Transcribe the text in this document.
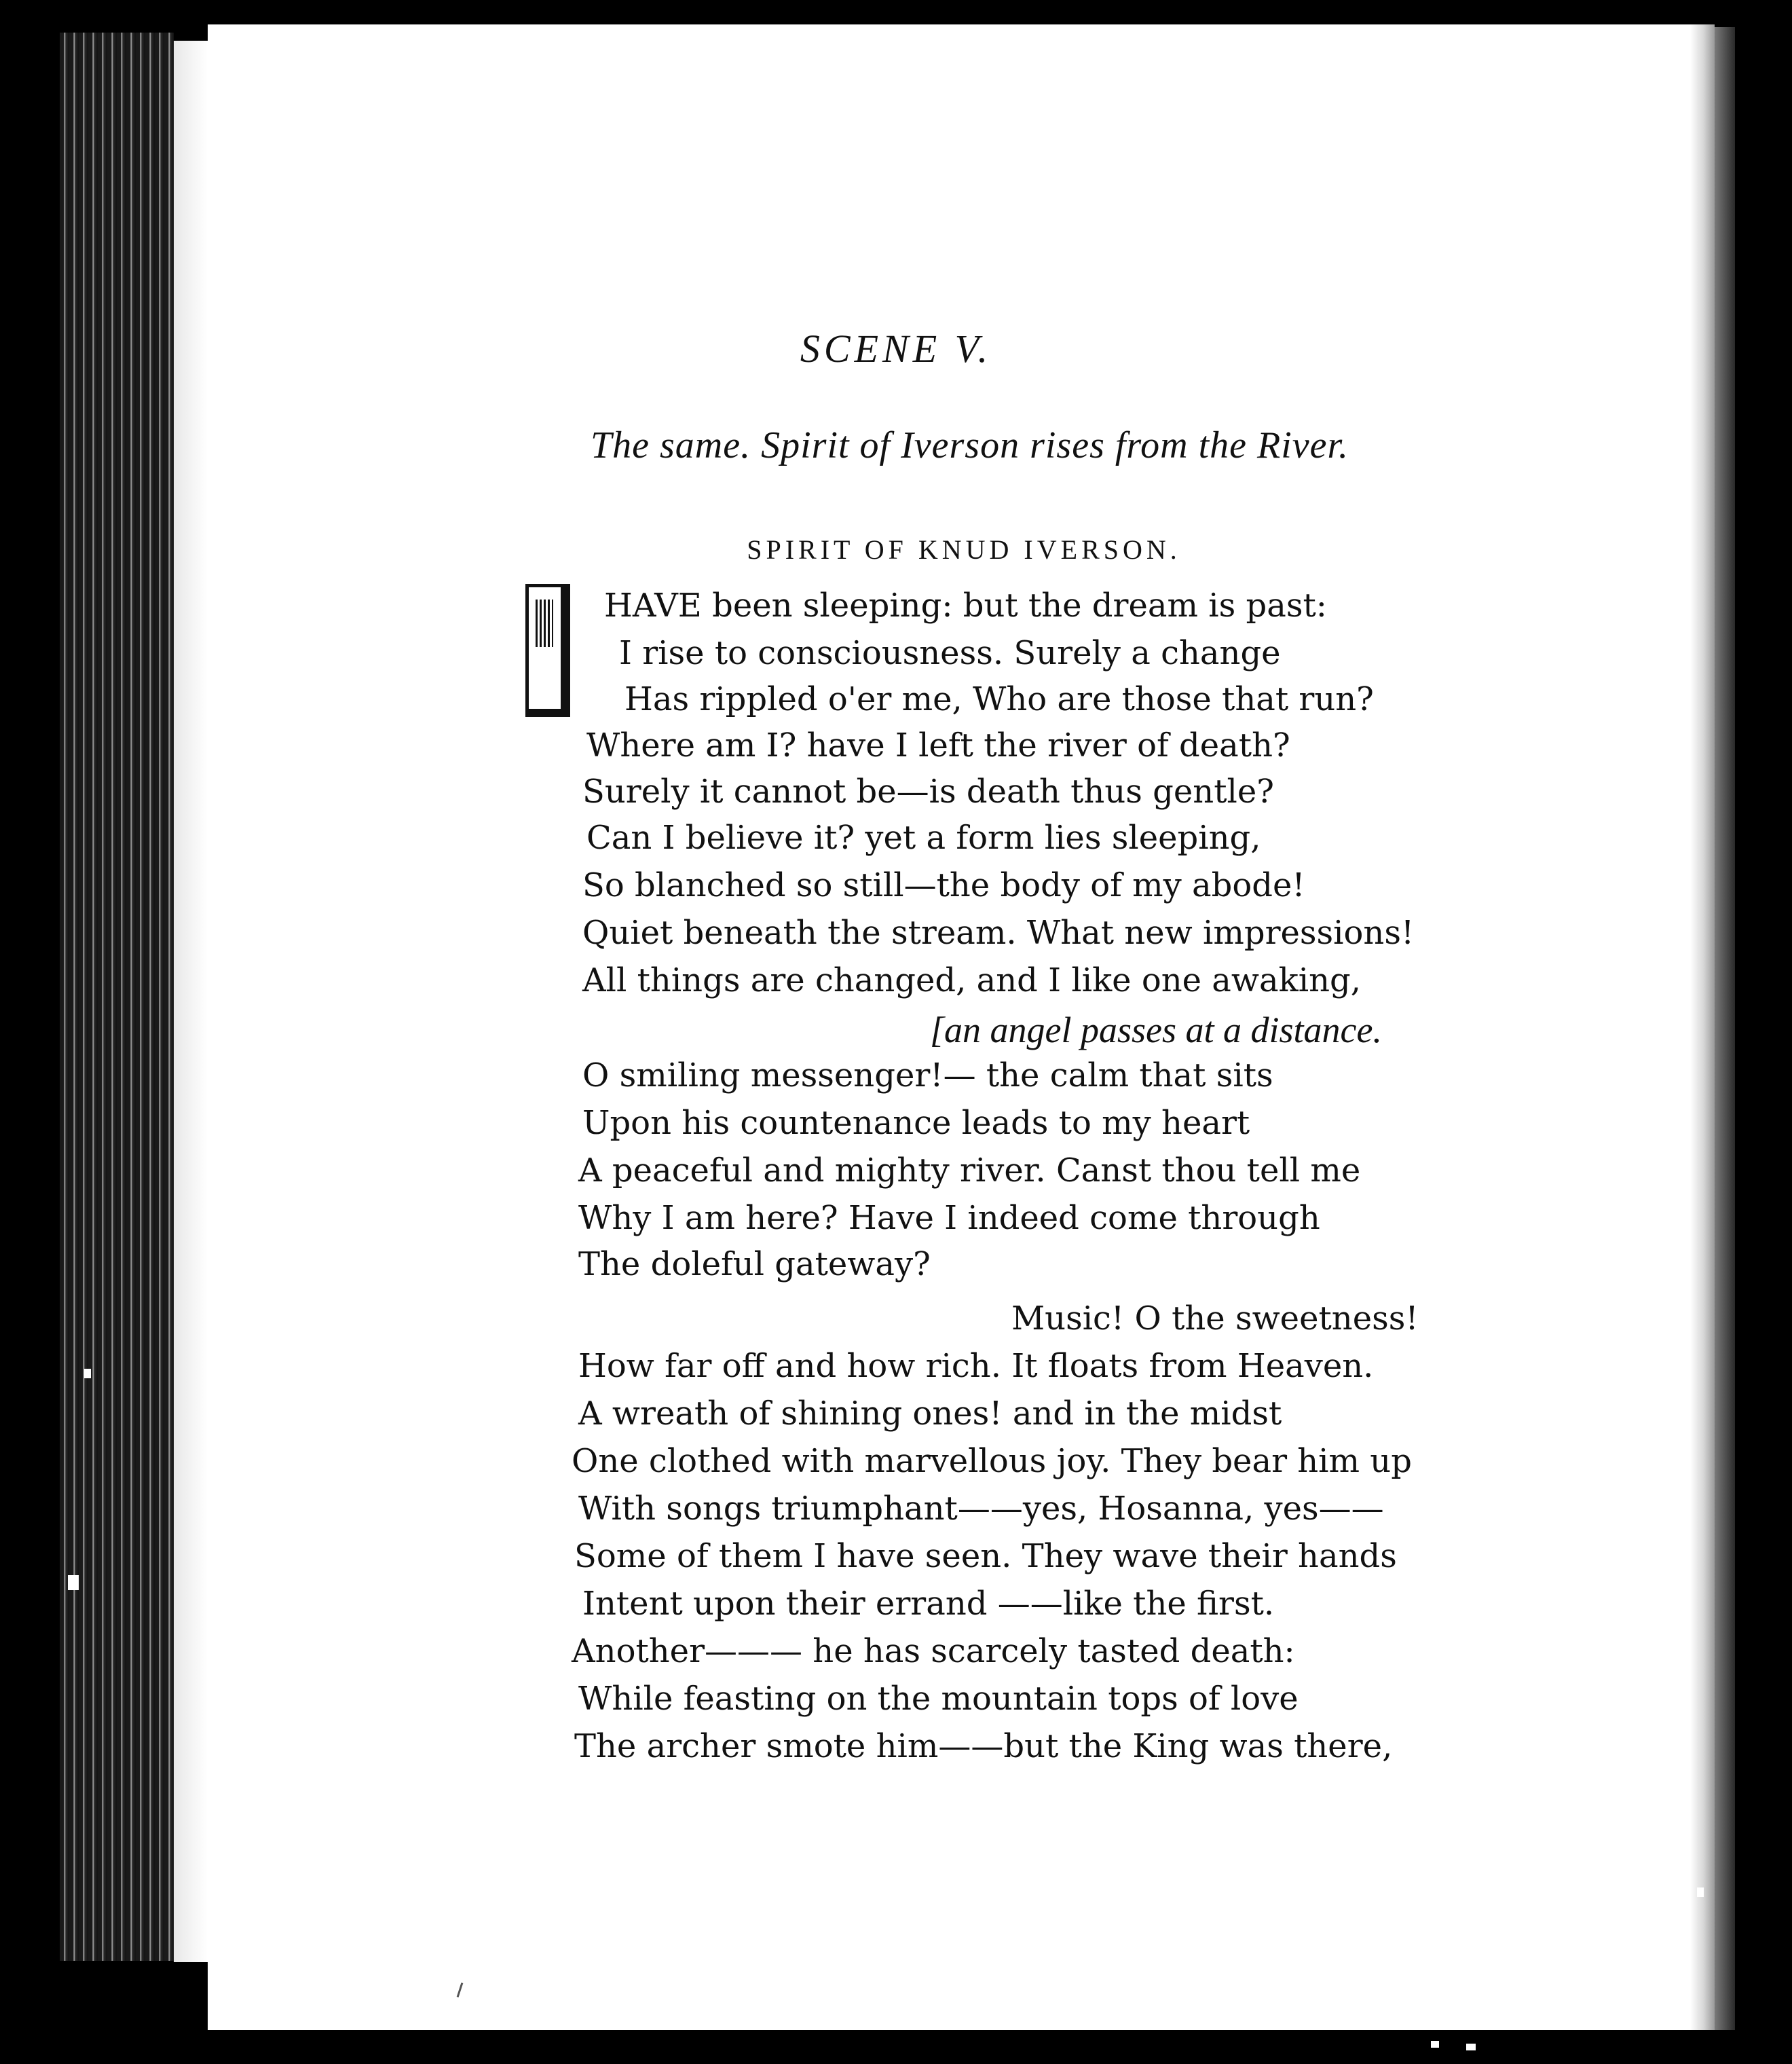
SCENE V.

The same. Spirit of Iverson rises from the River.

SPIRIT OF KNUD IVERSON.

HAVE been sleeping: but the dream is past:
I rise to consciousness. Surely a change
Has rippled o'er me, Who are those that run?
Where am I? have I left the river of death?
Surely it cannot be—is death thus gentle?
Can I believe it? yet a form lies sleeping,
So blanched so still—the body of my abode!
Quiet beneath the stream. What new impressions!
All things are changed, and I like one awaking,
[an angel passes at a distance.
O smiling messenger!— the calm that sits
Upon his countenance leads to my heart
A peaceful and mighty river. Canst thou tell me
Why I am here? Have I indeed come through
The doleful gateway?
Music! O the sweetness!
How far off and how rich. It floats from Heaven.
A wreath of shining ones! and in the midst
One clothed with marvellous joy. They bear him up
With songs triumphant——yes, Hosanna, yes——
Some of them I have seen. They wave their hands
Intent upon their errand ——like the first.
Another——— he has scarcely tasted death:
While feasting on the mountain tops of love
The archer smote him——but the King was there,
